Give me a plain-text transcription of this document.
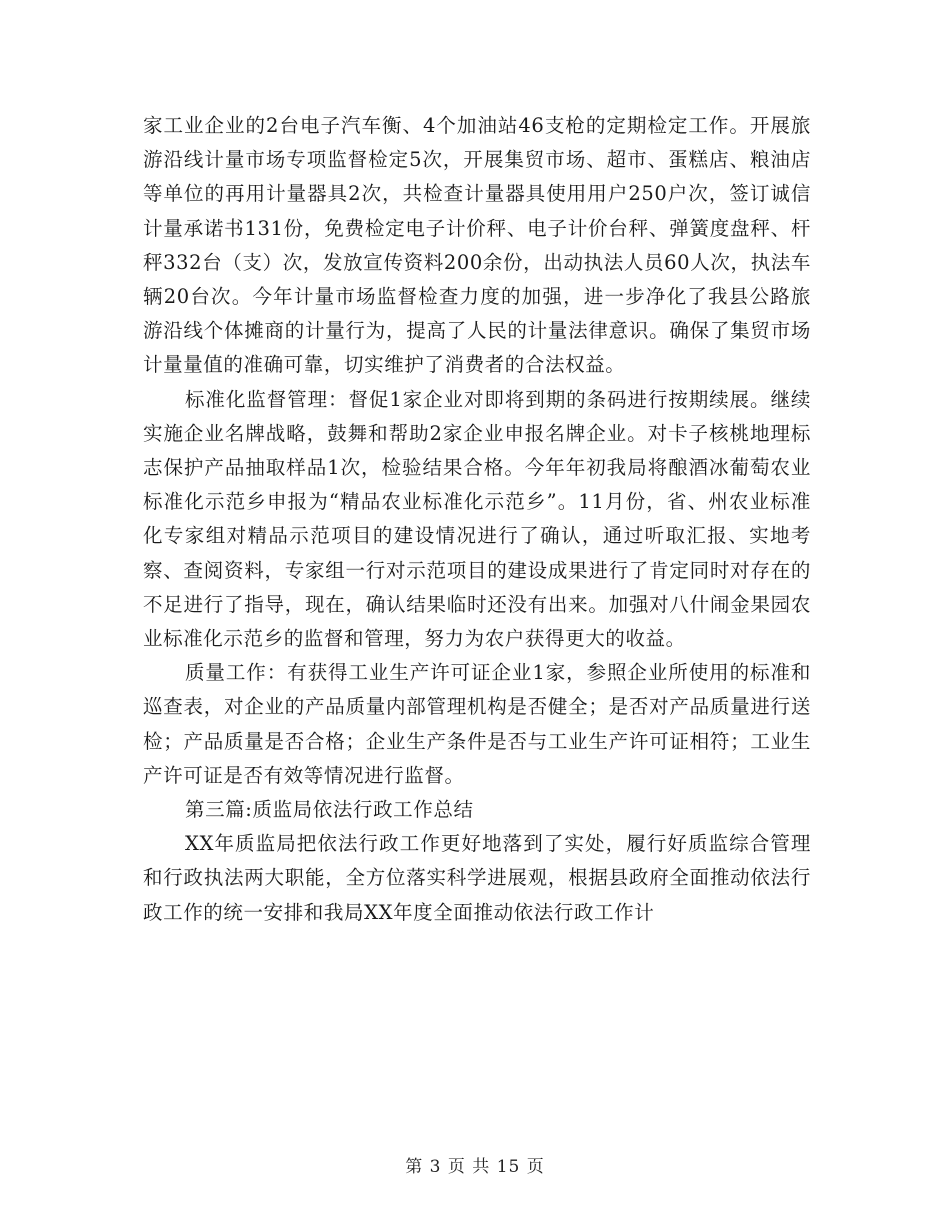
家工业企业的2台电子汽车衡、4个加油站46支枪的定期检定工作。开展旅游沿线计量市场专项监督检定5次，开展集贸市场、超市、蛋糕店、粮油店等单位的再用计量器具2次，共检查计量器具使用用户250户次，签订诚信计量承诺书131份，免费检定电子计价秤、电子计价台秤、弹簧度盘秤、杆秤332台（支）次，发放宣传资料200余份，出动执法人员60人次，执法车辆20台次。今年计量市场监督检查力度的加强，进一步净化了我县公路旅游沿线个体摊商的计量行为，提高了人民的计量法律意识。确保了集贸市场计量量值的准确可靠，切实维护了消费者的合法权益。

标准化监督管理：督促1家企业对即将到期的条码进行按期续展。继续实施企业名牌战略，鼓舞和帮助2家企业申报名牌企业。对卡子核桃地理标志保护产品抽取样品1次，检验结果合格。今年年初我局将酿酒冰葡萄农业标准化示范乡申报为“精品农业标准化示范乡”。11月份，省、州农业标准化专家组对精品示范项目的建设情况进行了确认，通过听取汇报、实地考察、查阅资料，专家组一行对示范项目的建设成果进行了肯定同时对存在的不足进行了指导，现在，确认结果临时还没有出来。加强对八什闹金果园农业标准化示范乡的监督和管理，努力为农户获得更大的收益。

质量工作：有获得工业生产许可证企业1家，参照企业所使用的标准和巡查表，对企业的产品质量内部管理机构是否健全；是否对产品质量进行送检；产品质量是否合格；企业生产条件是否与工业生产许可证相符；工业生产许可证是否有效等情况进行监督。

第三篇:质监局依法行政工作总结

XX年质监局把依法行政工作更好地落到了实处，履行好质监综合管理和行政执法两大职能，全方位落实科学进展观，根据县政府全面推动依法行政工作的统一安排和我局XX年度全面推动依法行政工作计

第 3 页 共 15 页
